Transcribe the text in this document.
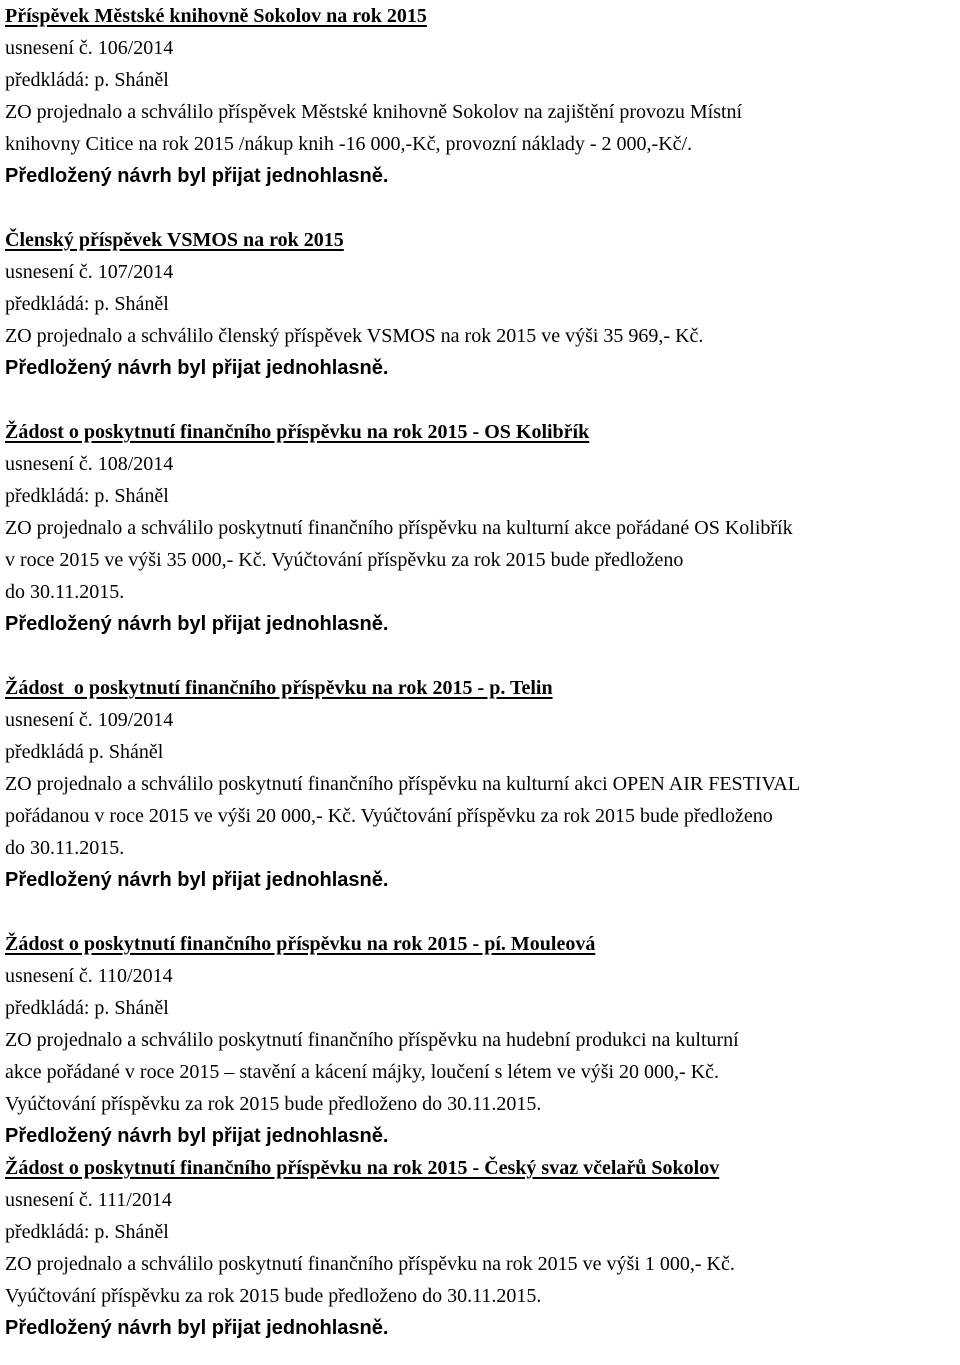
Příspěvek Městské knihovně Sokolov na rok 2015
usnesení č. 106/2014
předkládá: p. Sháněl
ZO projednalo a schválilo příspěvek Městské knihovně Sokolov na zajištění provozu Místní
knihovny Citice na rok 2015 /nákup knih -16 000,-Kč, provozní náklady - 2 000,-Kč/.
Předložený návrh byl přijat jednohlasně.
Členský příspěvek VSMOS na rok 2015
usnesení č. 107/2014
předkládá: p. Sháněl
ZO projednalo a schválilo členský příspěvek VSMOS na rok 2015 ve výši 35 969,- Kč.
Předložený návrh byl přijat jednohlasně.
Žádost o poskytnutí finančního příspěvku na rok 2015 - OS Kolibřík
usnesení č. 108/2014
předkládá: p. Sháněl
ZO projednalo a schválilo poskytnutí finančního příspěvku na kulturní akce pořádané OS Kolibřík
v roce 2015 ve výši 35 000,- Kč. Vyúčtování příspěvku za rok 2015 bude předloženo
do 30.11.2015.
Předložený návrh byl přijat jednohlasně.
Žádost  o poskytnutí finančního příspěvku na rok 2015 - p. Telin
usnesení č. 109/2014
předkládá p. Sháněl
ZO projednalo a schválilo poskytnutí finančního příspěvku na kulturní akci OPEN AIR FESTIVAL
pořádanou v roce 2015 ve výši 20 000,- Kč. Vyúčtování příspěvku za rok 2015 bude předloženo
do 30.11.2015.
Předložený návrh byl přijat jednohlasně.
Žádost o poskytnutí finančního příspěvku na rok 2015 - pí. Mouleová
usnesení č. 110/2014
předkládá: p. Sháněl
ZO projednalo a schválilo poskytnutí finančního příspěvku na hudební produkci na kulturní
akce pořádané v roce 2015 – stavění a kácení májky, loučení s létem ve výši 20 000,- Kč.
Vyúčtování příspěvku za rok 2015 bude předloženo do 30.11.2015.
Předložený návrh byl přijat jednohlasně.
Žádost o poskytnutí finančního příspěvku na rok 2015 - Český svaz včelařů Sokolov
usnesení č. 111/2014
předkládá: p. Sháněl
ZO projednalo a schválilo poskytnutí finančního příspěvku na rok 2015 ve výši 1 000,- Kč.
Vyúčtování příspěvku za rok 2015 bude předloženo do 30.11.2015.
Předložený návrh byl přijat jednohlasně.
